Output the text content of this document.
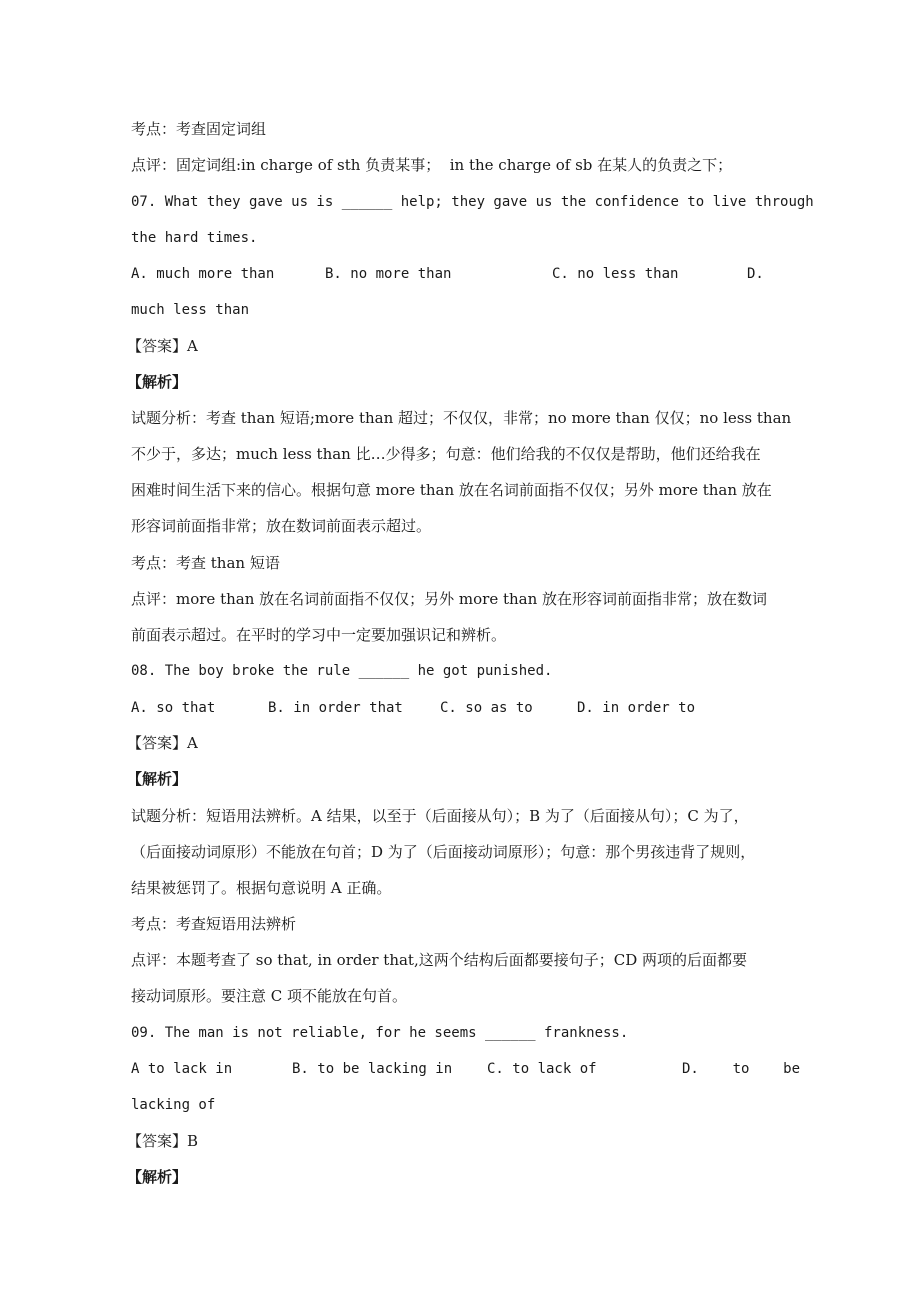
考点：考查固定词组
点评：固定词组:in charge of sth 负责某事；  in the charge of sb 在某人的负责之下；
07. What they gave us is ______ help; they gave us the confidence to live through
the hard times.
A. much more than	B. no more than	C. no less than	D.
much less than
【答案】A
【解析】
试题分析：考查 than 短语;more than 超过；不仅仅，非常；no more than 仅仅；no less than
不少于，多达；much less than 比…少得多；句意：他们给我的不仅仅是帮助，他们还给我在
困难时间生活下来的信心。根据句意 more than 放在名词前面指不仅仅；另外 more than 放在
形容词前面指非常；放在数词前面表示超过。
考点：考查 than 短语
点评：more than 放在名词前面指不仅仅；另外 more than 放在形容词前面指非常；放在数词
前面表示超过。在平时的学习中一定要加强识记和辨析。
08. The boy broke the rule ______ he got punished.
A. so that	B. in order that	C. so as to	D. in order to
【答案】A
【解析】
试题分析：短语用法辨析。A 结果，以至于（后面接从句）；B 为了（后面接从句）；C 为了，
（后面接动词原形）不能放在句首；D 为了（后面接动词原形）；句意：那个男孩违背了规则，
结果被惩罚了。根据句意说明 A 正确。
考点：考查短语用法辨析
点评：本题考查了 so that, in order that,这两个结构后面都要接句子；CD 两项的后面都要
接动词原形。要注意 C 项不能放在句首。
09. The man is not reliable, for he seems ______ frankness.
A to lack in	B. to be lacking in C. to lack of	D.    to    be
lacking of
【答案】B
【解析】
